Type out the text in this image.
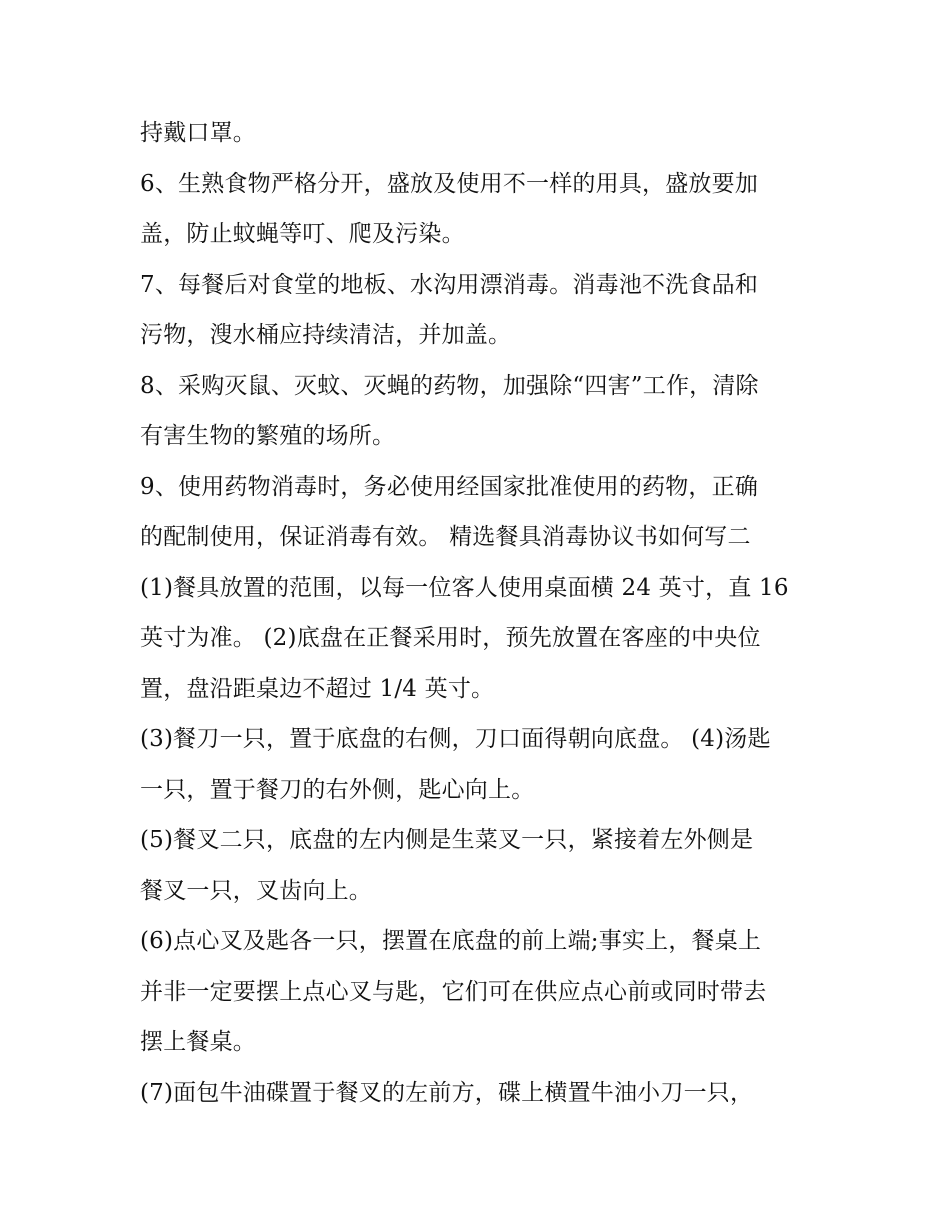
持戴口罩。
6、生熟食物严格分开，盛放及使用不一样的用具，盛放要加
盖，防止蚊蝇等叮、爬及污染。
7、每餐后对食堂的地板、水沟用漂消毒。消毒池不洗食品和
污物，溲水桶应持续清洁，并加盖。
8、采购灭鼠、灭蚊、灭蝇的药物，加强除“四害”工作，清除
有害生物的繁殖的场所。
9、使用药物消毒时，务必使用经国家批准使用的药物，正确
的配制使用，保证消毒有效。 精选餐具消毒协议书如何写二
(1)餐具放置的范围，以每一位客人使用桌面横 24 英寸，直 16
英寸为准。 (2)底盘在正餐采用时，预先放置在客座的中央位
置，盘沿距桌边不超过 1/4 英寸。
(3)餐刀一只，置于底盘的右侧，刀口面得朝向底盘。 (4)汤匙
一只，置于餐刀的右外侧，匙心向上。
(5)餐叉二只，底盘的左内侧是生菜叉一只，紧接着左外侧是
餐叉一只，叉齿向上。
(6)点心叉及匙各一只，摆置在底盘的前上端;事实上，餐桌上
并非一定要摆上点心叉与匙，它们可在供应点心前或同时带去
摆上餐桌。
(7)面包牛油碟置于餐叉的左前方，碟上横置牛油小刀一只，
